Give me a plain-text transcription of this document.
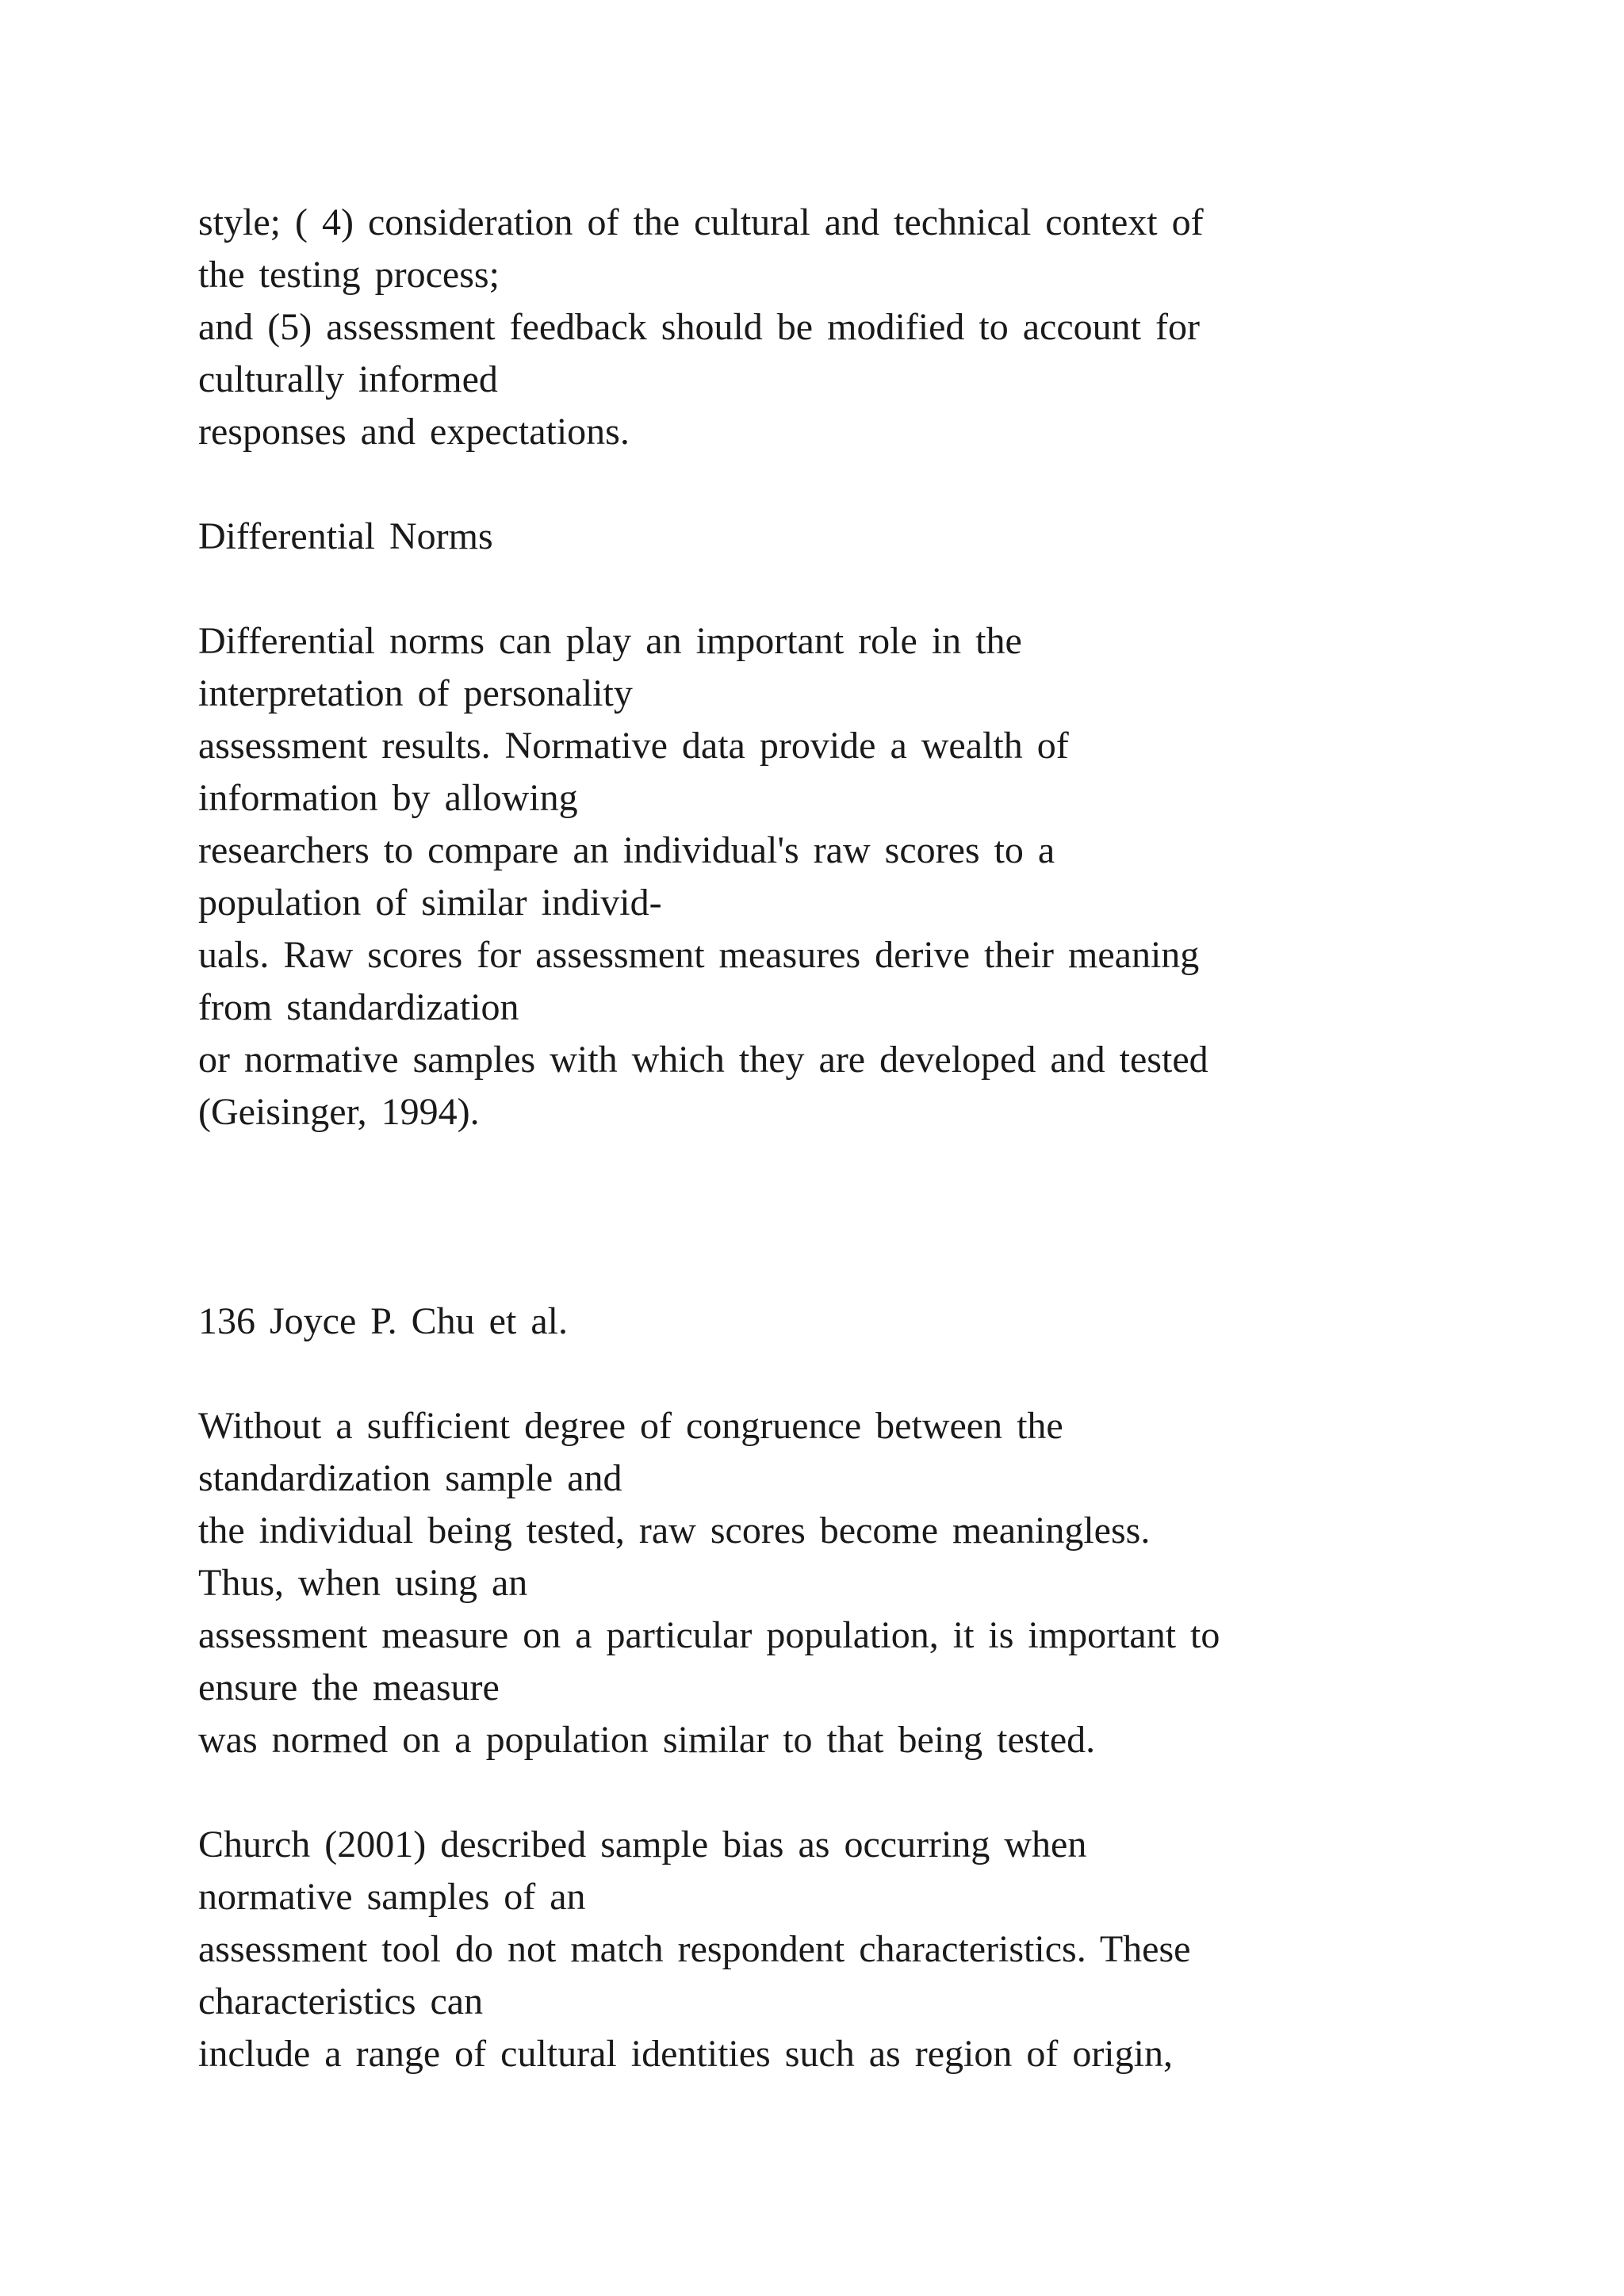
style; ( 4) consideration of the cultural and technical context of
the testing process;
and (5) assessment feedback should be modified to account for
culturally informed
responses and expectations.
Differential Norms
Differential norms can play an important role in the
interpretation of personality
assessment results. Normative data provide a wealth of
information by allowing
researchers to compare an individual's raw scores to a
population of similar individ-
uals. Raw scores for assessment measures derive their meaning
from standardization
or normative samples with which they are developed and tested
(Geisinger, 1994).
136 Joyce P. Chu et al.
Without a sufficient degree of congruence between the
standardization sample and
the individual being tested, raw scores become meaningless.
Thus, when using an
assessment measure on a particular population, it is important to
ensure the measure
was normed on a population similar to that being tested.
Church (2001) described sample bias as occurring when
normative samples of an
assessment tool do not match respondent characteristics. These
characteristics can
include a range of cultural identities such as region of origin,
